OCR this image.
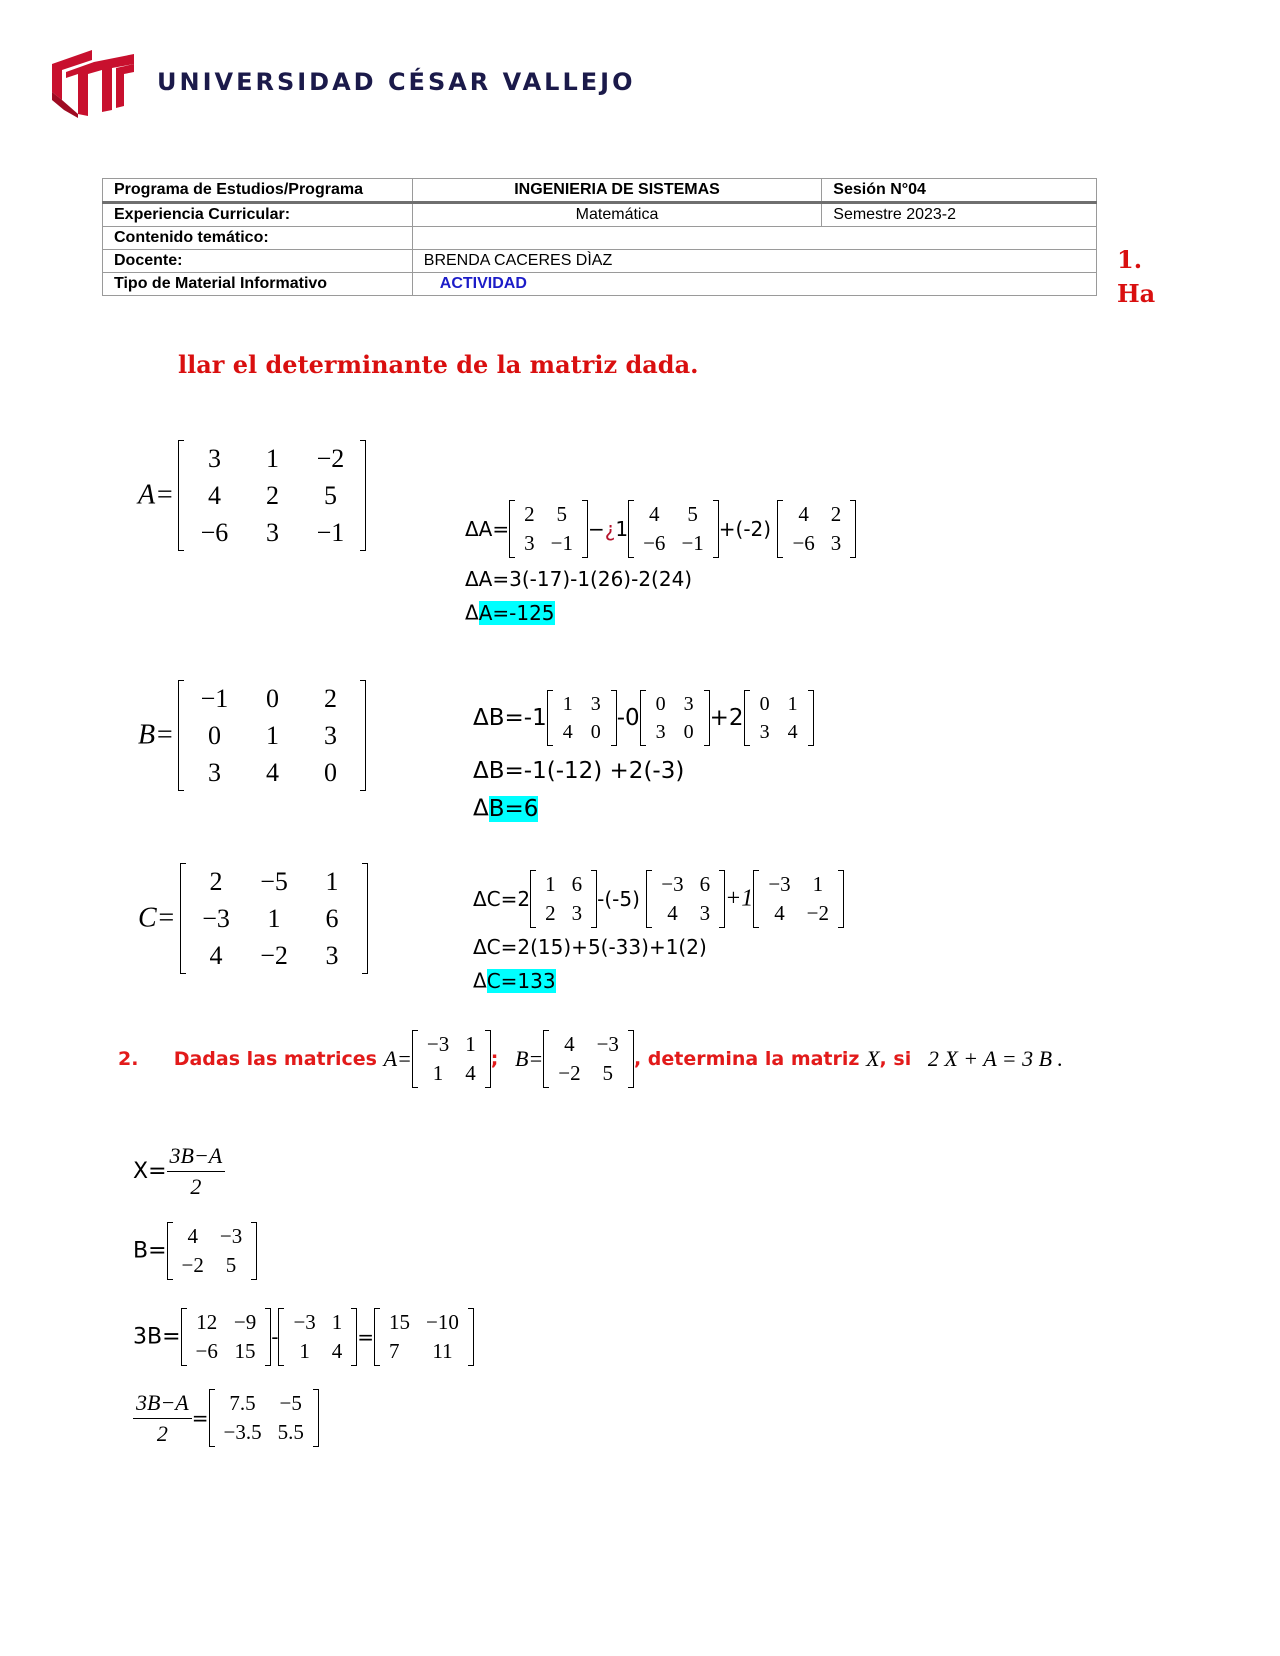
UNIVERSIDAD CÉSAR VALLEJO
Programa de Estudios/Programa	INGENIERIA DE SISTEMAS	Sesión N°04
Experiencia Curricular:	Matemática	Semestre 2023-2
Contenido temático:		
Docente:	BRENDA CACERES DÌAZ	
Tipo de Material Informativo	ACTIVIDAD	
1.
Ha
llar el determinante de la matriz dada.
A=
3	1	−2
4	2	5
−6	3	−1	ΔA=
2	5
3	−1
−¿1
4	5
−6	−1
+(-2)
4	2
−6	3
ΔA=3(-17)-1(26)-2(24)
ΔA=-125
B=
−1	0	2
0	1	3
3	4	0
ΔB=-1
1	3
4	0
-0
0	3
3	0
+2
0	1
3	4
ΔB=-1(-12) +2(-3)
ΔB=6
C=
2	−5	1
−3	1	6
4	−2	3
ΔC=2
1	6
2	3
-(-5)
−3	6
4	3
+1
−3	1
4	−2
ΔC=2(15)+5(-33)+1(2)
ΔC=133
2. Dadas las matrices A=
−3	1
1	4
; B=
4	−3
−2	5
, determina la matriz X, si 2 X + A = 3 B .
$X= \frac{3B-A}{2}$
B=
4	−3
−2	5
3B=
12	−9
−6	15
-
−3	1
1	4
=
15	−10
7	11
$\frac{3B-A}{2}$ =
7.5	−5
−3.5	5.5
